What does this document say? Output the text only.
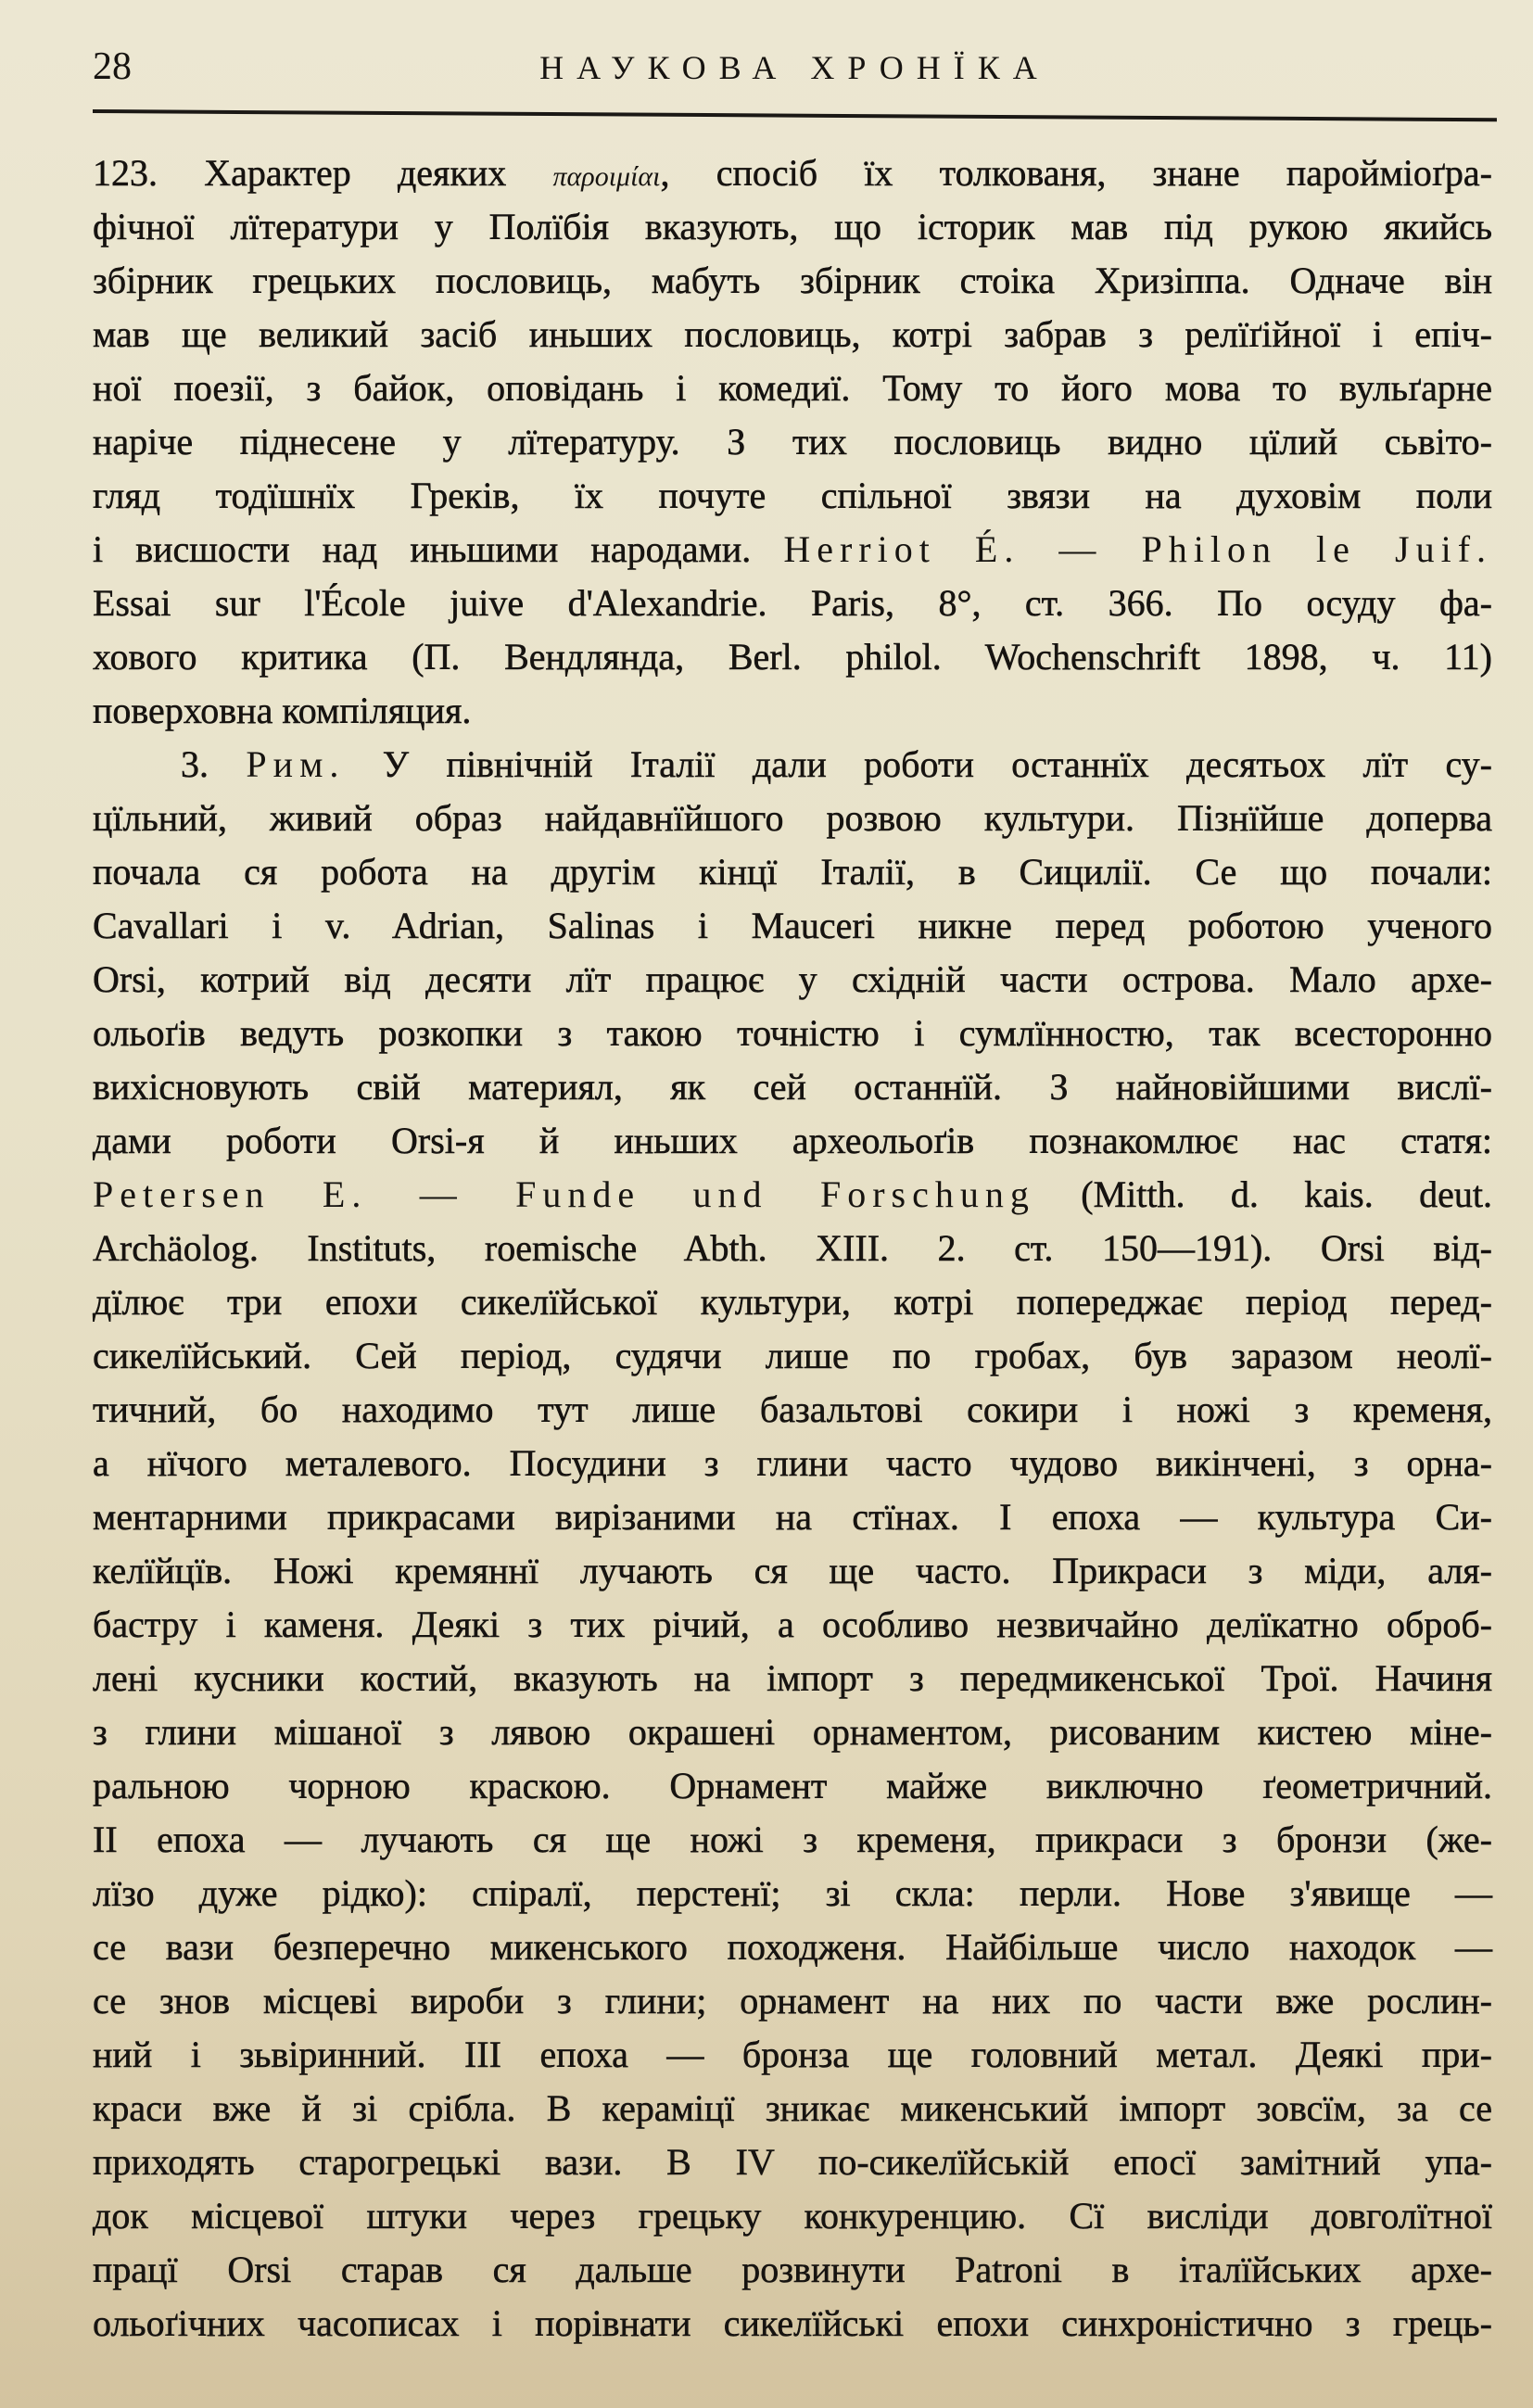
28	НАУКОВА ХРОНЇКА
123. Характер деяких παροιμίαι, спосіб їх толкованя, знане паройміоґра-
фічної лїтератури у Полїбія вказують, що історик мав під рукою якийсь
збірник грецьких пословиць, мабуть збірник стоіка Хризіппа. Одначе він
мав ще великий засіб иньших пословиць, котрі забрав з релїґійної і епіч-
ної поезії, з байок, оповідань і комедиї. Тому то його мова то вульґарне
наріче піднесене у лїтературу. З тих пословиць видно цїлий сьвіто-
гляд тодїшнїх Греків, їх почуте спільної звязи на духовім поли
і висшости над иньшими народами. Herriot É. — Philon le Juif.
Essai sur l'École juive d'Alexandrie. Paris, 8°, ст. 366. По осуду фа-
хового критика (П. Вендлянда, Berl. philol. Wochenschrift 1898, ч. 11)
поверховна компіляция.
3. Рим. У північній Італії дали роботи останнїх десятьох лїт су-
цїльний, живий образ найдавнїйшого розвою культури. Пізнїйше доперва
почала ся робота на другім кінцї Італії, в Сицилії. Се що почали:
Cavallari i v. Adrian, Salinas i Mauceri никне перед роботою ученого
Orsi, котрий від десяти лїт працює у східній части острова. Мало архе-
ольоґів ведуть розкопки з такою точністю і сумлїнностю, так всесторонно
вихісновують свій материял, як сей останнїй. З найновійшими вислї-
дами роботи Orsi-я й иньших археольоґів познакомлює нас статя:
Petersen E. — Funde und Forschung (Mitth. d. kais. deut.
Archäolog. Instituts, roemische Abth. XIII. 2. ст. 150—191). Orsi від-
дїлює три епохи сикелїйської культури, котрі попереджає період перед-
сикелїйський. Сей період, судячи лише по гробах, був заразом неолї-
тичний, бо находимо тут лише базальтові сокири і ножі з кременя,
а нїчого металевого. Посудини з глини часто чудово викінчені, з орна-
ментарними прикрасами вирізаними на стїнах. I епоха — культура Си-
келїйцїв. Ножі кремяннї лучають ся ще часто. Прикраси з міди, аля-
бастру і каменя. Деякі з тих річий, а особливо незвичайно делїкатно оброб-
лені кусники костий, вказують на імпорт з передмикенської Трої. Начиня
з глини мішаної з лявою окрашені орнаментом, рисованим кистею міне-
ральною чорною краскою. Орнамент майже виключно ґеометричний.
II епоха — лучають ся ще ножі з кременя, прикраси з бронзи (же-
лїзо дуже рідко): спіралї, перстенї; зі скла: перли. Нове з'явище —
се вази безперечно микенського походженя. Найбільше число находок —
се знов місцеві вироби з глини; орнамент на них по части вже рослин-
ний і зьвіринний. III епоха — бронза ще головний метал. Деякі при-
краси вже й зі срібла. В кераміцї зникає микенський імпорт зовсїм, за се
приходять старогрецькі вази. В IV по-сикелїйській епосї замітний упа-
док місцевої штуки через грецьку конкуренцию. Сї висліди довголїтної
працї Orsi старав ся дальше розвинути Patroni в італїйських архе-
ольоґічних часописах і порівнати сикелїйські епохи синхроністично з грець-
